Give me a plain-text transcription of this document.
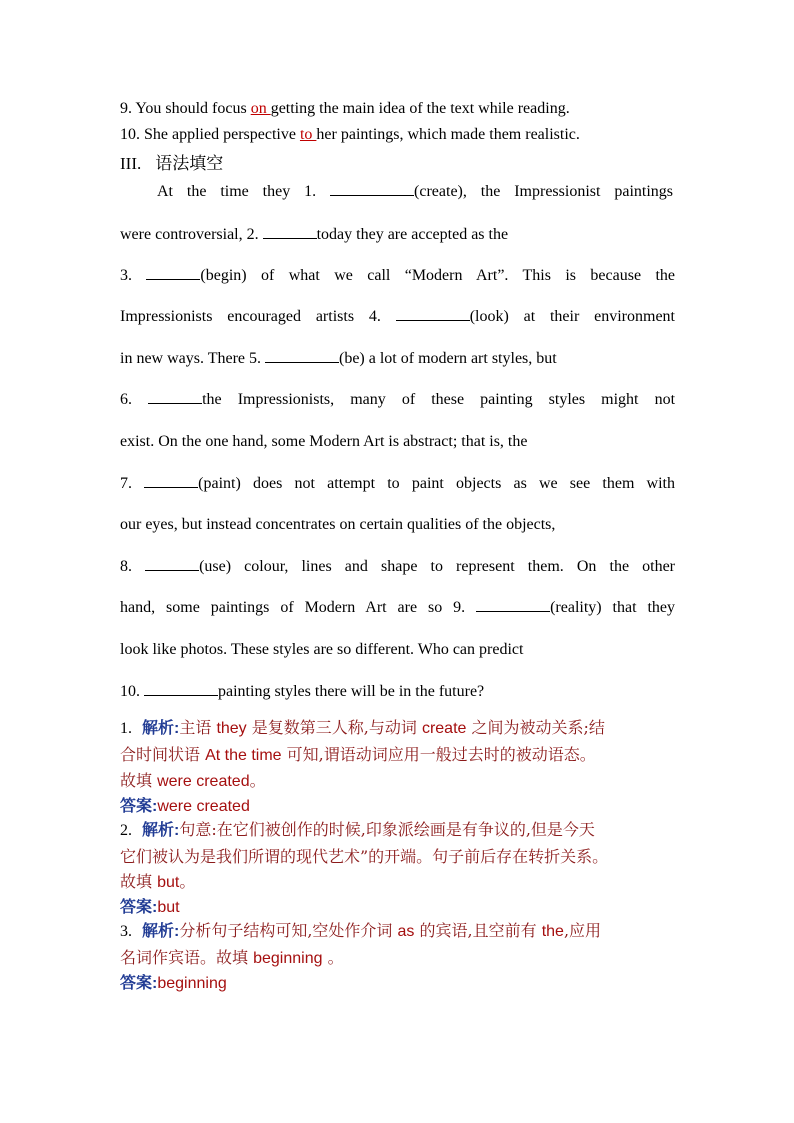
9. You should focus on getting the main idea of the text while reading.
10. She applied perspective to her paintings, which made them realistic.
III. 语法填空
At the time they 1.	(create), the Impressionist paintings
were controversial, 2.	today they are accepted as the
3.	(begin) of what we call “Modern Art”. This is because the
Impressionists encouraged artists 4.	(look) at their environment
in new ways. There 5.	(be) a lot of modern art styles, but
6.	the Impressionists, many of these painting styles might not
exist. On the one hand, some Modern Art is abstract; that is, the
7.	(paint) does not attempt to paint objects as we see them with
our eyes, but instead concentrates on certain qualities of the objects,
8.	(use) colour, lines and shape to represent them. On the other
hand, some paintings of Modern Art are so 9.	(reality) that they
look like photos. These styles are so different. Who can predict
10.	painting styles there will be in the future?
1. 解析:主语 they 是复数第三人称,与动词 create 之间为被动关系;结
合时间状语 At the time 可知,谓语动词应用一般过去时的被动语态。
故填 were created。
答案:were created
2. 解析:句意:在它们被创作的时候,印象派绘画是有争议的,但是今天
它们被认为是我们所谓的现代艺术”的开端。句子前后存在转折关系。
故填 but。
答案:but
3. 解析:分析句子结构可知,空处作介词 as 的宾语,且空前有 the,应用
名词作宾语。故填 beginning 。
答案:beginning
